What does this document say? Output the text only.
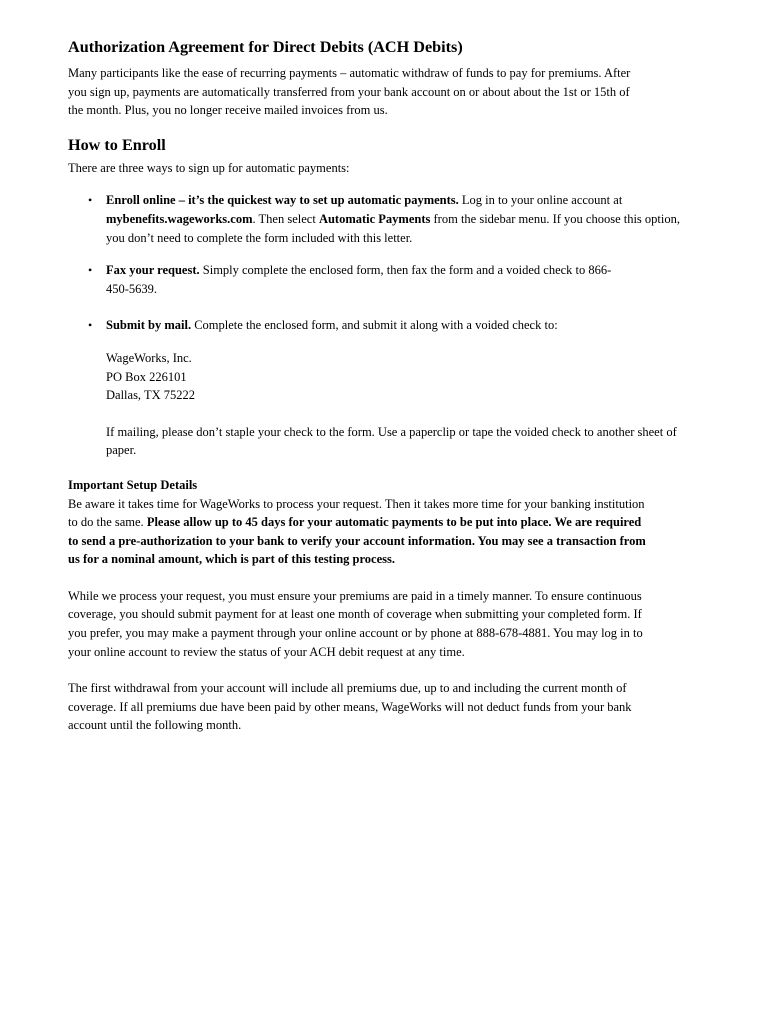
Authorization Agreement for Direct Debits (ACH Debits)

Many participants like the ease of recurring payments – automatic withdraw of funds to pay for premiums. After you sign up, payments are automatically transferred from your bank account on or about about the 1st or 15th of the month. Plus, you no longer receive mailed invoices from us.

How to Enroll

There are three ways to sign up for automatic payments:

• Enroll online – it’s the quickest way to set up automatic payments. Log in to your online account at mybenefits.wageworks.com. Then select Automatic Payments from the sidebar menu. If you choose this option, you don’t need to complete the form included with this letter.
• Fax your request. Simply complete the enclosed form, then fax the form and a voided check to 866-450-5639.
• Submit by mail. Complete the enclosed form, and submit it along with a voided check to:
WageWorks, Inc.
PO Box 226101
Dallas, TX 75222

If mailing, please don’t staple your check to the form. Use a paperclip or tape the voided check to another sheet of paper.

Important Setup Details

Be aware it takes time for WageWorks to process your request. Then it takes more time for your banking institution to do the same. Please allow up to 45 days for your automatic payments to be put into place. We are required to send a pre-authorization to your bank to verify your account information. You may see a transaction from us for a nominal amount, which is part of this testing process.

While we process your request, you must ensure your premiums are paid in a timely manner. To ensure continuous coverage, you should submit payment for at least one month of coverage when submitting your completed form. If you prefer, you may make a payment through your online account or by phone at 888-678-4881. You may log in to your online account to review the status of your ACH debit request at any time.

The first withdrawal from your account will include all premiums due, up to and including the current month of coverage. If all premiums due have been paid by other means, WageWorks will not deduct funds from your bank account until the following month.
